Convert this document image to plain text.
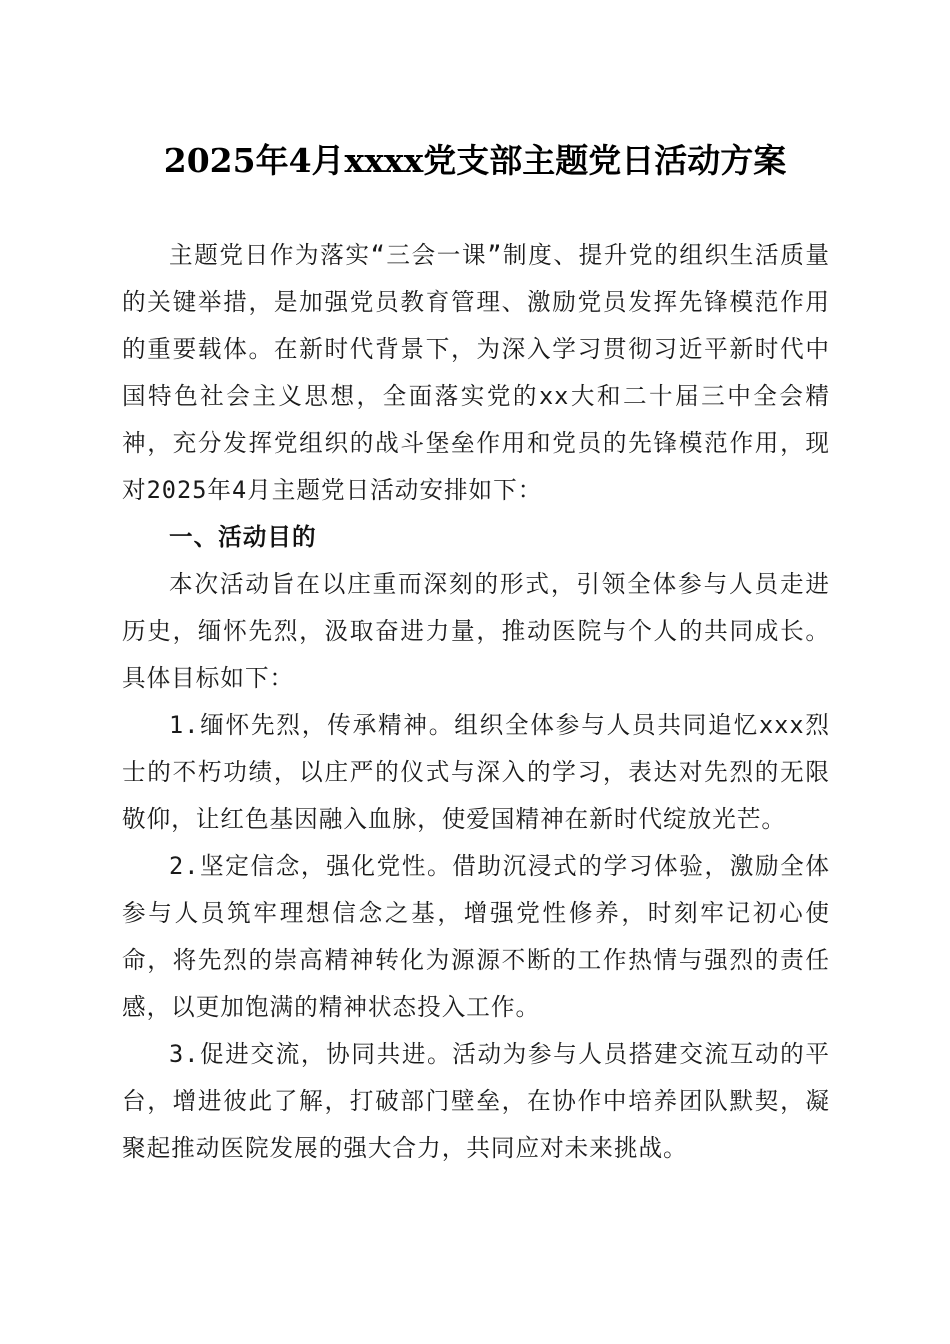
2025年4月xxxx党支部主题党日活动方案

主题党日作为落实“三会一课”制度、提升党的组织生活质量的关键举措，是加强党员教育管理、激励党员发挥先锋模范作用的重要载体。在新时代背景下，为深入学习贯彻习近平新时代中国特色社会主义思想，全面落实党的xx大和二十届三中全会精神，充分发挥党组织的战斗堡垒作用和党员的先锋模范作用，现对2025年4月主题党日活动安排如下：

一、活动目的

本次活动旨在以庄重而深刻的形式，引领全体参与人员走进历史，缅怀先烈，汲取奋进力量，推动医院与个人的共同成长。具体目标如下：

1.缅怀先烈，传承精神。组织全体参与人员共同追忆xxx烈士的不朽功绩，以庄严的仪式与深入的学习，表达对先烈的无限敬仰，让红色基因融入血脉，使爱国精神在新时代绽放光芒。

2.坚定信念，强化党性。借助沉浸式的学习体验，激励全体参与人员筑牢理想信念之基，增强党性修养，时刻牢记初心使命，将先烈的崇高精神转化为源源不断的工作热情与强烈的责任感，以更加饱满的精神状态投入工作。

3.促进交流，协同共进。活动为参与人员搭建交流互动的平台，增进彼此了解，打破部门壁垒，在协作中培养团队默契，凝聚起推动医院发展的强大合力，共同应对未来挑战。
